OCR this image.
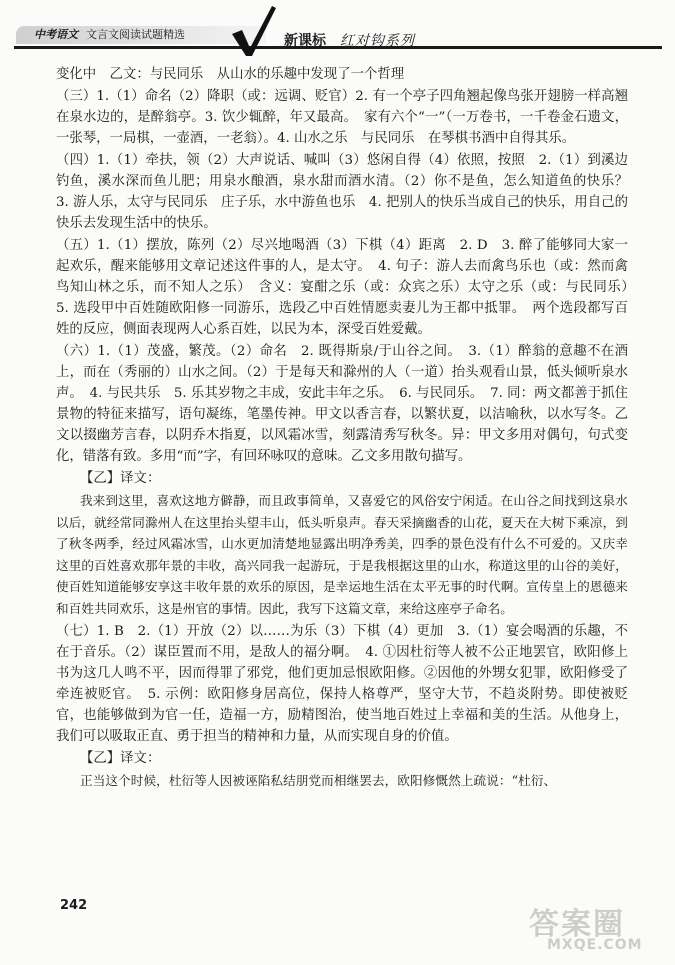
中考语文 文言文阅读试题精选	新课标 红对钩系列

变化中　乙文：与民同乐　从山水的乐趣中发现了一个哲理

（三）1.（1）命名（2）降职（或：远调、贬官）2. 有一个亭子四角翘起像鸟张开翅膀一样高翘在泉水边的，是醉翁亭。3. 饮少辄醉，年又最高。　家有六个“一”（一万卷书，一千卷金石遗文，一张琴，一局棋，一壶酒，一老翁）。4. 山水之乐　与民同乐　在琴棋书酒中自得其乐。

（四）1.（1）牵扶，领（2）大声说话、喊叫（3）悠闲自得（4）依照，按照　2.（1）到溪边钓鱼，溪水深而鱼儿肥；用泉水酿酒，泉水甜而酒水清。（2）你不是鱼，怎么知道鱼的快乐？　3. 游人乐，太守与民同乐　庄子乐，水中游鱼也乐　4. 把别人的快乐当成自己的快乐，用自己的快乐去发现生活中的快乐。

（五）1.（1）摆放，陈列（2）尽兴地喝酒（3）下棋（4）距离　2. D　3. 醉了能够同大家一起欢乐，醒来能够用文章记述这件事的人，是太守。　4. 句子：游人去而禽鸟乐也（或：然而禽鸟知山林之乐，而不知人之乐）　含义：宴酣之乐（或：众宾之乐）太守之乐（或：与民同乐）　5. 选段甲中百姓随欧阳修一同游乐，选段乙中百姓情愿卖妻儿为王都中抵罪。　两个选段都写百姓的反应，侧面表现两人心系百姓，以民为本，深受百姓爱戴。

（六）1.（1）茂盛，繁茂。（2）命名　2. 既得斯泉/于山谷之间。　3.（1）醉翁的意趣不在酒上，而在（秀丽的）山水之间。（2）于是每天和滁州的人（一道）抬头观看山景，低头倾听泉水声。　4. 与民共乐　5. 乐其岁物之丰成，安此丰年之乐。　6. 与民同乐。　7. 同：两文都善于抓住景物的特征来描写，语句凝练，笔墨传神。甲文以香言春，以繁状夏，以洁喻秋，以水写冬。乙文以掇幽芳言春，以阴乔木指夏，以风霜冰雪，刻露清秀写秋冬。异：甲文多用对偶句，句式变化，错落有致。多用“而”字，有回环咏叹的意味。乙文多用散句描写。

【乙】译文：

我来到这里，喜欢这地方僻静，而且政事简单，又喜爱它的风俗安宁闲适。在山谷之间找到这泉水以后，就经常同滁州人在这里抬头望丰山，低头听泉声。春天采摘幽香的山花，夏天在大树下乘凉，到了秋冬两季，经过风霜冰雪，山水更加清楚地显露出明净秀美，四季的景色没有什么不可爱的。又庆幸这里的百姓喜欢那年景的丰收，高兴同我一起游玩，于是我根据这里的山水，称道这里的山谷的美好，使百姓知道能够安享这丰收年景的欢乐的原因，是幸运地生活在太平无事的时代啊。宣传皇上的恩德来和百姓共同欢乐，这是州官的事情。因此，我写下这篇文章，来给这座亭子命名。

（七）1. B　2.（1）开放（2）以……为乐（3）下棋（4）更加　3.（1）宴会喝酒的乐趣，不在于音乐。（2）谋臣置而不用，是敌人的福分啊。　4. ①因杜衍等人被不公正地罢官，欧阳修上书为这几人鸣不平，因而得罪了邪党，他们更加忌恨欧阳修。②因他的外甥女犯罪，欧阳修受了牵连被贬官。　5. 示例：欧阳修身居高位，保持人格尊严，坚守大节，不趋炎附势。即使被贬官，也能够做到为官一任，造福一方，励精图治，使当地百姓过上幸福和美的生活。从他身上，我们可以吸取正直、勇于担当的精神和力量，从而实现自身的价值。

【乙】译文：

正当这个时候，杜衍等人因被诬陷私结朋党而相继罢去，欧阳修慨然上疏说：“杜衍、

242
答案圈
MXQE.COM
